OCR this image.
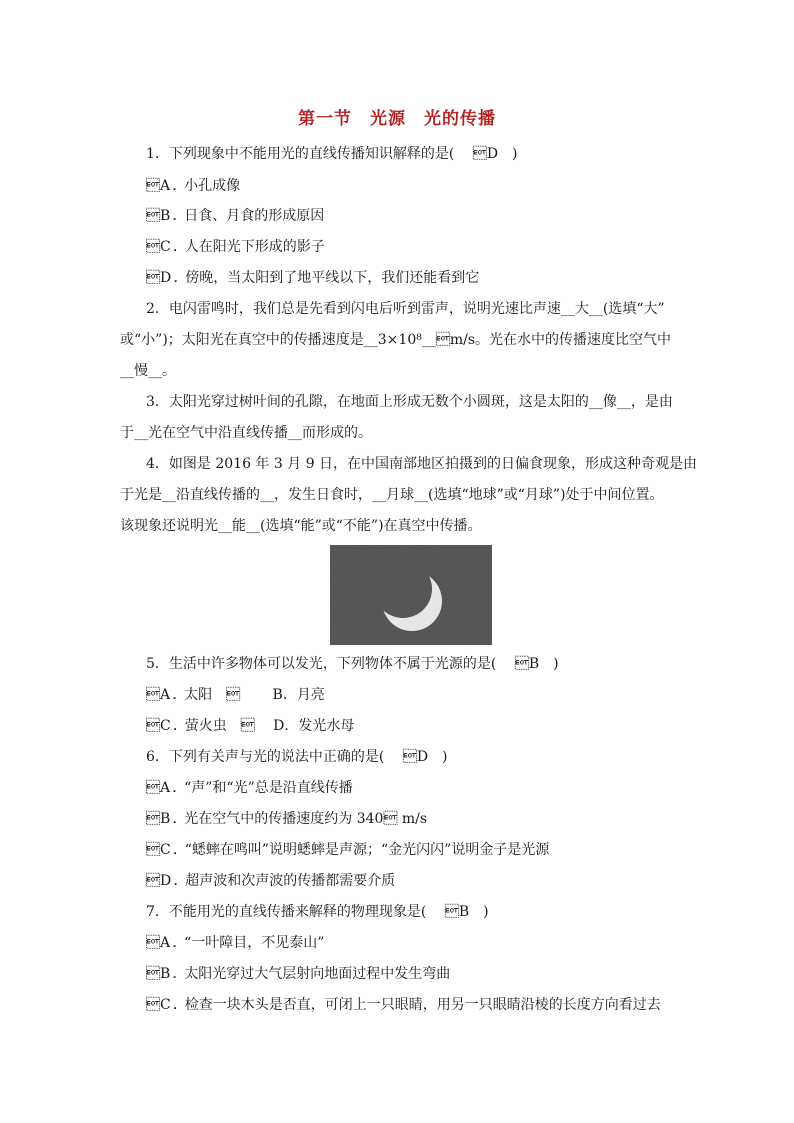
第一节　光源　光的传播
1．下列现象中不能用光的直线传播知识解释的是(　 D　)
A．小孔成像
B．日食、月食的形成原因
C．人在阳光下形成的影子
D．傍晚，当太阳到了地平线以下，我们还能看到它
2．电闪雷鸣时，我们总是先看到闪电后听到雷声，说明光速比声速__大__(选填“大”
或“小”)；太阳光在真空中的传播速度是__3×10⁸__m/s。光在水中的传播速度比空气中
__慢__。
3．太阳光穿过树叶间的孔隙，在地面上形成无数个小圆斑，这是太阳的__像__，是由
于__光在空气中沿直线传播__而形成的。
4．如图是 2016 年 3 月 9 日，在中国南部地区拍摄到的日偏食现象，形成这种奇观是由
于光是__沿直线传播的__，发生日食时，__月球__(选填“地球”或“月球”)处于中间位置。
该现象还说明光__能__(选填“能”或“不能”)在真空中传播。
5．生活中许多物体可以发光，下列物体不属于光源的是(　 B　)
A．太阳　　　 B．月亮
C．萤火虫　　 D．发光水母
6．下列有关声与光的说法中正确的是(　 D　)
A．“声”和“光”总是沿直线传播
B．光在空气中的传播速度约为 340 m/s
C．“蟋蟀在鸣叫”说明蟋蟀是声源；“金光闪闪”说明金子是光源
D．超声波和次声波的传播都需要介质
7．不能用光的直线传播来解释的物理现象是(　 B　)
A．“一叶障目，不见泰山”
B．太阳光穿过大气层射向地面过程中发生弯曲
C．检查一块木头是否直，可闭上一只眼睛，用另一只眼睛沿棱的长度方向看过去
